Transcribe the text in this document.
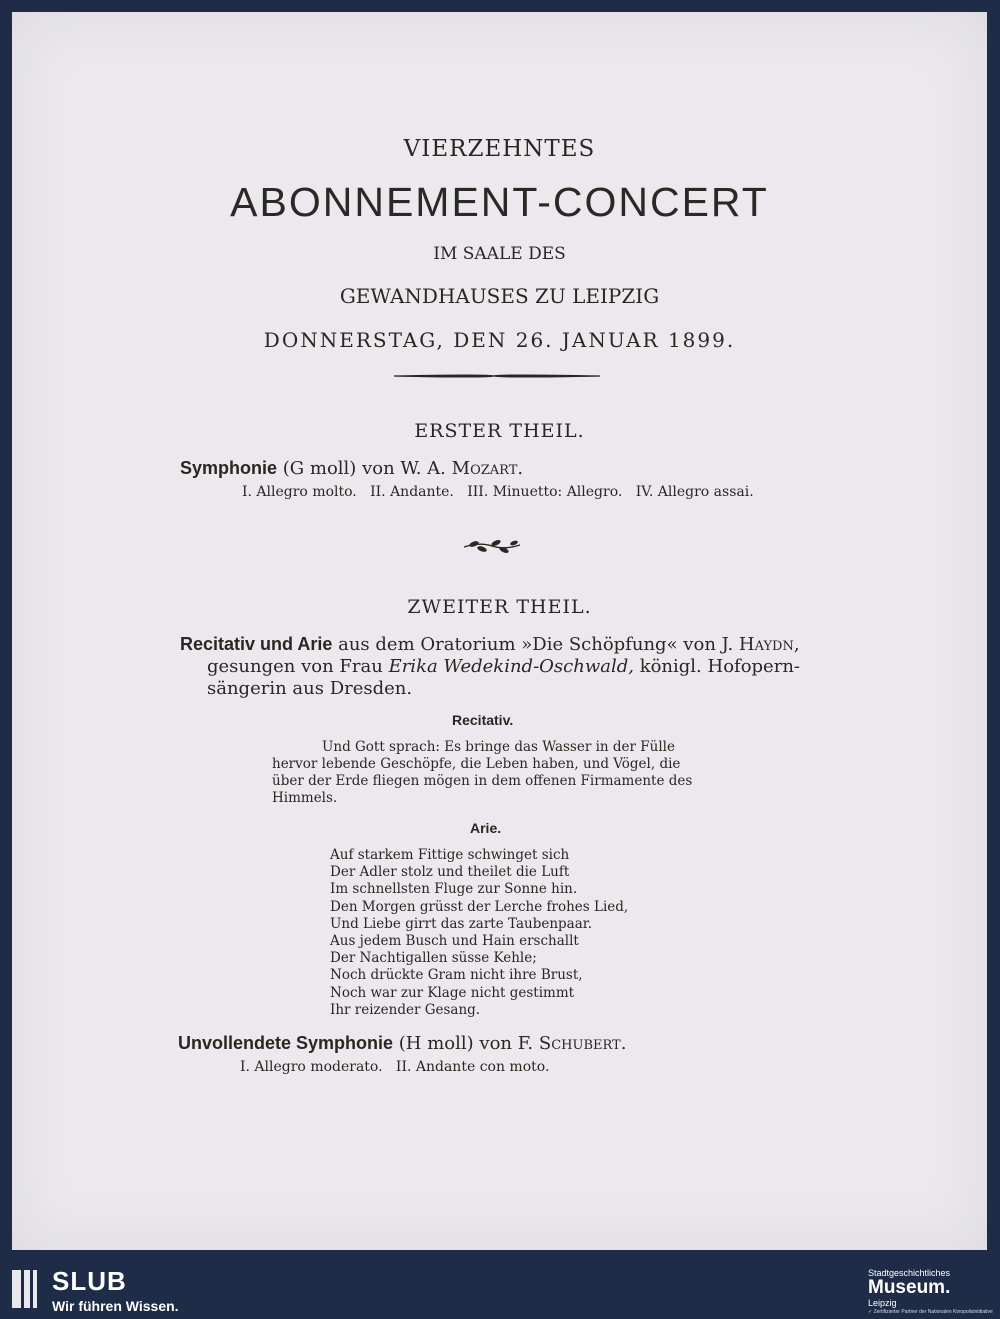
VIERZEHNTES
ABONNEMENT-CONCERT
IM SAALE DES
GEWANDHAUSES ZU LEIPZIG
DONNERSTAG, DEN 26. JANUAR 1899.
ERSTER THEIL.
Symphonie (G moll) von W. A. Mozart.
I. Allegro molto.   II. Andante.   III. Minuetto: Allegro.   IV. Allegro assai.
ZWEITER THEIL.
Recitativ und Arie aus dem Oratorium »Die Schöpfung« von J. Haydn,
gesungen von Frau Erika Wedekind-Oschwald, königl. Hofopern-
sängerin aus Dresden.
Recitativ.
Und Gott sprach: Es bringe das Wasser in der Fülle
hervor lebende Geschöpfe, die Leben haben, und Vögel, die
über der Erde fliegen mögen in dem offenen Firmamente des
Himmels.
Arie.
Auf starkem Fittige schwinget sich
Der Adler stolz und theilet die Luft
Im schnellsten Fluge zur Sonne hin.
Den Morgen grüsst der Lerche frohes Lied,
Und Liebe girrt das zarte Taubenpaar.
Aus jedem Busch und Hain erschallt
Der Nachtigallen süsse Kehle;
Noch drückte Gram nicht ihre Brust,
Noch war zur Klage nicht gestimmt
Ihr reizender Gesang.
Unvollendete Symphonie (H moll) von F. Schubert.
I. Allegro moderato.   II. Andante con moto.
SLUB
Wir führen Wissen.
Stadtgeschichtliches
Museum.
Leipzig
✓ Zertifizierter Partner der Nationalen Kinopolisintitiative
